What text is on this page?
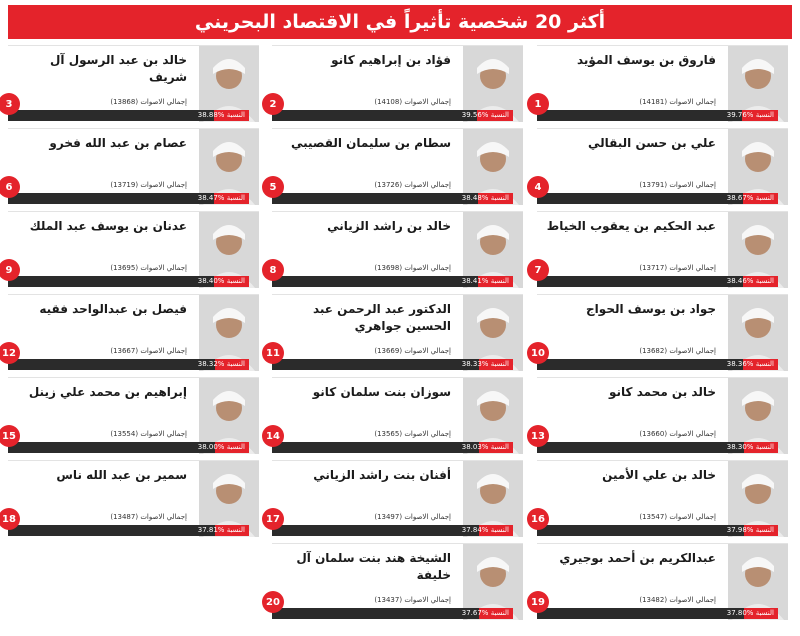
أكثر 20 شخصية تأثيراً في الاقتصاد البحريني
1
فاروق بن يوسف المؤيد
إجمالي الاصوات (14181)
النسبة %39.76
2
فؤاد بن إبراهيم كانو
إجمالي الاصوات (14108)
النسبة %39.56
3
خالد بن عبد الرسول آل شريف
إجمالي الاصوات (13868)
النسبة %38.88
4
علي بن حسن البقالي
إجمالي الاصوات (13791)
النسبة %38.67
5
سطام بن سليمان القصيبي
إجمالي الاصوات (13726)
النسبة %38.48
6
عصام بن عبد الله فخرو
إجمالي الاصوات (13719)
النسبة %38.47
7
عبد الحكيم بن يعقوب الخياط
إجمالي الاصوات (13717)
النسبة %38.46
8
خالد بن راشد الزياني
إجمالي الاصوات (13698)
النسبة %38.41
9
عدنان بن يوسف عبد الملك
إجمالي الاصوات (13695)
النسبة %38.40
10
جواد بن يوسف الحواج
إجمالي الاصوات (13682)
النسبة %38.36
11
الدكتور عبد الرحمن عبد الحسين جواهري
إجمالي الاصوات (13669)
النسبة %38.33
12
فيصل بن عبدالواحد فقيه
إجمالي الاصوات (13667)
النسبة %38.32
13
خالد بن محمد كانو
إجمالي الاصوات (13660)
النسبة %38.30
14
سوزان بنت سلمان كانو
إجمالي الاصوات (13565)
النسبة %38.03
15
إبراهيم بن محمد علي زينل
إجمالي الاصوات (13554)
النسبة %38.00
16
خالد بن علي الأمين
إجمالي الاصوات (13547)
النسبة %37.98
17
أفنان بنت راشد الزياني
إجمالي الاصوات (13497)
النسبة %37.84
18
سمير بن عبد الله ناس
إجمالي الاصوات (13487)
النسبة %37.81
19
عبدالكريم بن أحمد بوجيري
إجمالي الاصوات (13482)
النسبة %37.80
20
الشيخة هند بنت سلمان آل خليفة
إجمالي الاصوات (13437)
النسبة %37.67
